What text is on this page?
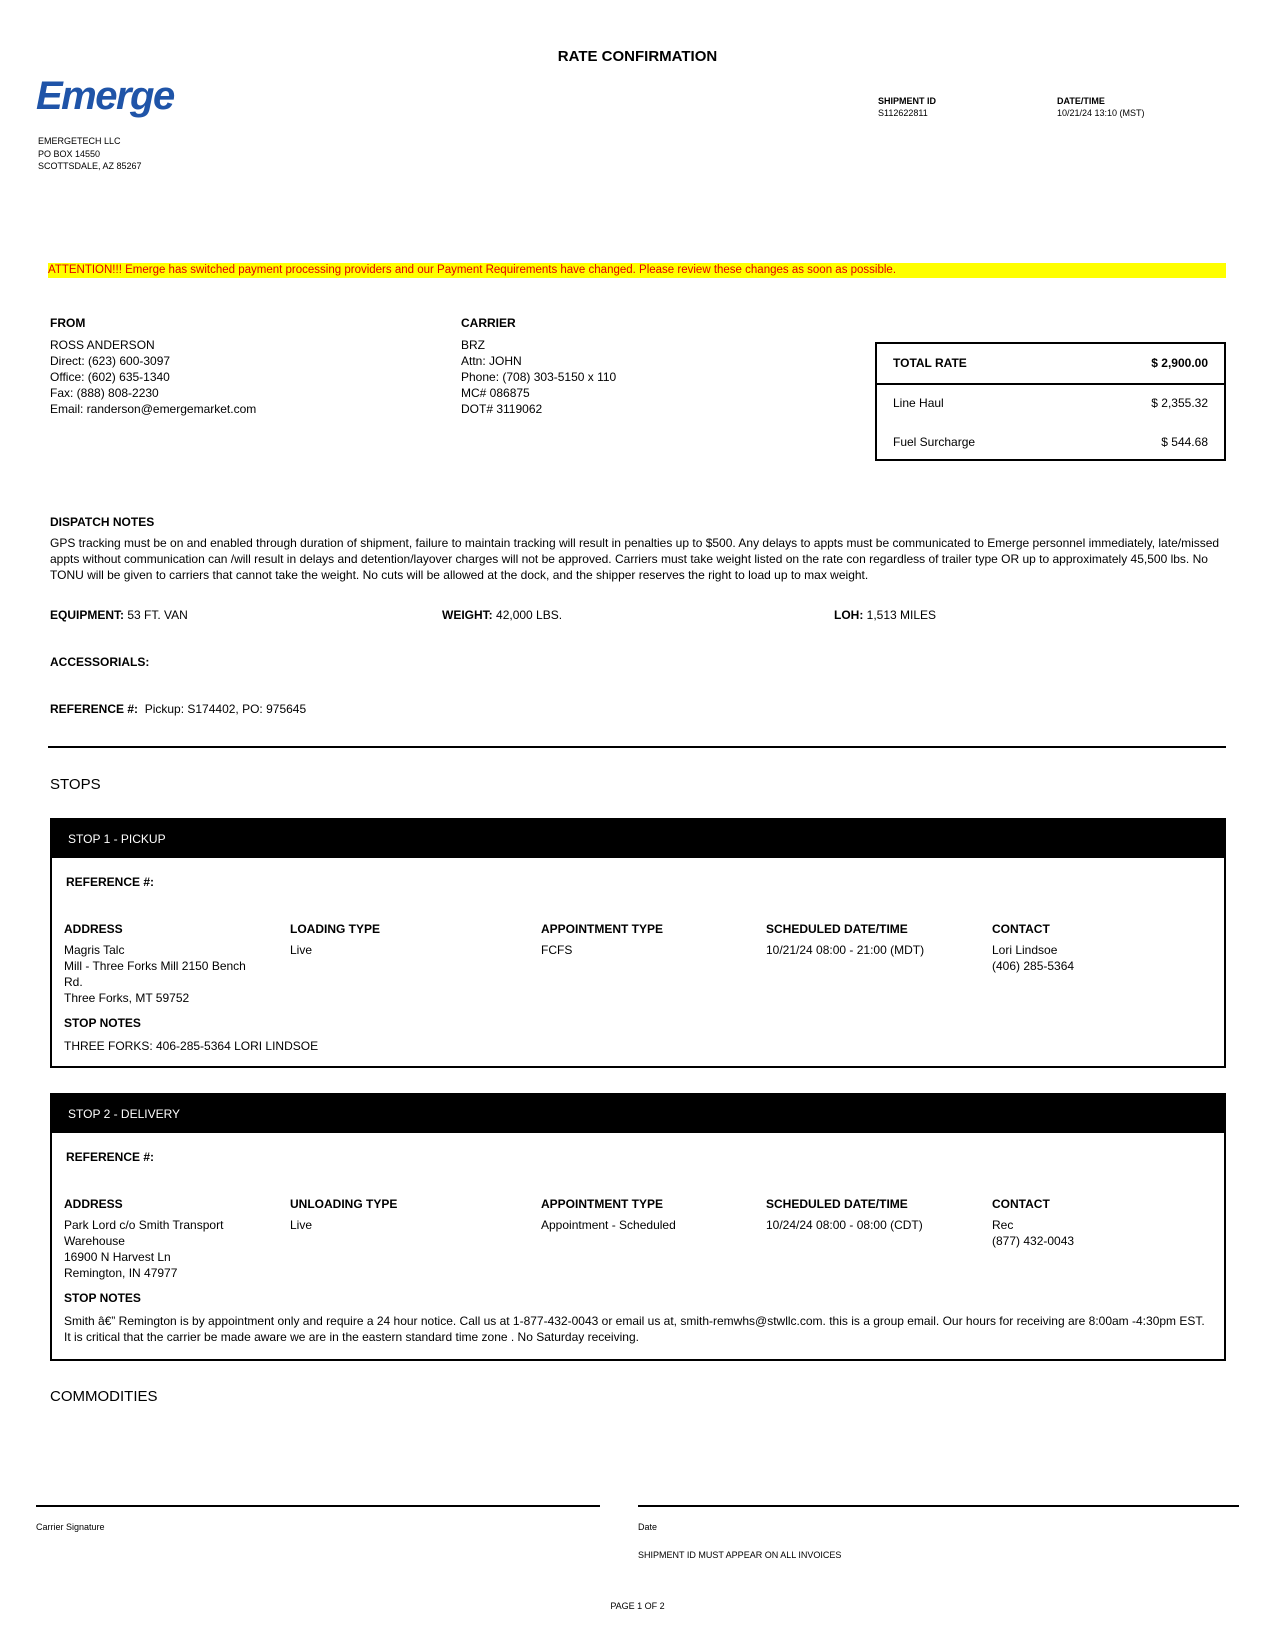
RATE CONFIRMATION
Emerge
EMERGETECH LLC
PO BOX 14550
SCOTTSDALE, AZ 85267
SHIPMENT ID
S112622811
DATE/TIME
10/21/24 13:10 (MST)
ATTENTION!!! Emerge has switched payment processing providers and our Payment Requirements have changed. Please review these changes as soon as possible.
FROM
ROSS ANDERSON
Direct: (623) 600-3097
Office: (602) 635-1340
Fax: (888) 808-2230
Email: randerson@emergemarket.com
CARRIER
BRZ
Attn: JOHN
Phone: (708) 303-5150 x 110
MC# 086875
DOT# 3119062
TOTAL RATE	$ 2,900.00
Line Haul	$ 2,355.32
Fuel Surcharge	$ 544.68
DISPATCH NOTES
GPS tracking must be on and enabled through duration of shipment, failure to maintain tracking will result in penalties up to $500. Any delays to appts must be communicated to Emerge personnel immediately, late/missed appts without communication can /will result in delays and detention/layover charges will not be approved. Carriers must take weight listed on the rate con regardless of trailer type OR up to approximately 45,500 lbs. No TONU will be given to carriers that cannot take the weight. No cuts will be allowed at the dock, and the shipper reserves the right to load up to max weight.
EQUIPMENT: 53 FT. VAN	WEIGHT: 42,000 LBS.	LOH: 1,513 MILES
ACCESSORIALS:
REFERENCE #: Pickup: S174402, PO: 975645
STOPS
STOP 1 - PICKUP
REFERENCE #:
ADDRESS
Magris Talc
Mill - Three Forks Mill 2150 Bench
Rd.
Three Forks, MT 59752
LOADING TYPE
Live
APPOINTMENT TYPE
FCFS
SCHEDULED DATE/TIME
10/21/24 08:00 - 21:00 (MDT)
CONTACT
Lori Lindsoe
(406) 285-5364
STOP NOTES
THREE FORKS: 406-285-5364 LORI LINDSOE
STOP 2 - DELIVERY
REFERENCE #:
ADDRESS
Park Lord c/o Smith Transport
Warehouse
16900 N Harvest Ln
Remington, IN 47977
UNLOADING TYPE
Live
APPOINTMENT TYPE
Appointment - Scheduled
SCHEDULED DATE/TIME
10/24/24 08:00 - 08:00 (CDT)
CONTACT
Rec
(877) 432-0043
STOP NOTES
Smith â€” Remington is by appointment only and require a 24 hour notice. Call us at 1-877-432-0043 or email us at, smith-remwhs@stwllc.com. this is a group email. Our hours for receiving are 8:00am -4:30pm EST. It is critical that the carrier be made aware we are in the eastern standard time zone . No Saturday receiving.
COMMODITIES
Carrier Signature	Date
SHIPMENT ID MUST APPEAR ON ALL INVOICES
PAGE 1 OF 2
